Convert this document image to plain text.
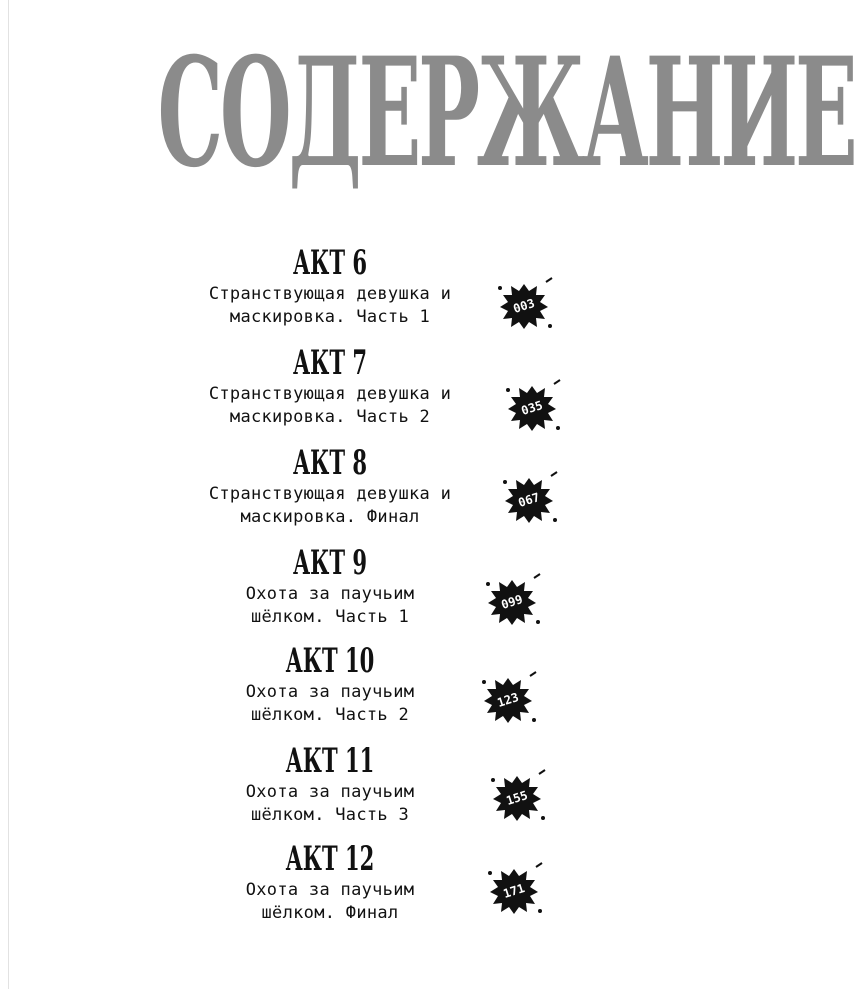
СОДЕРЖАНИЕ
АКТ 6
Странствующая девушка и
маскировка. Часть 1
003
АКТ 7
Странствующая девушка и
маскировка. Часть 2	035
АКТ 8
Странствующая девушка и
маскировка. Финал
067
АКТ 9
Охота за паучьим
шёлком. Часть 1
099
АКТ 10
Охота за паучьим
шёлком. Часть 2
123
АКТ 11
Охота за паучьим
шёлком. Часть 3
155
АКТ 12
Охота за паучьим
шёлком. Финал
171
